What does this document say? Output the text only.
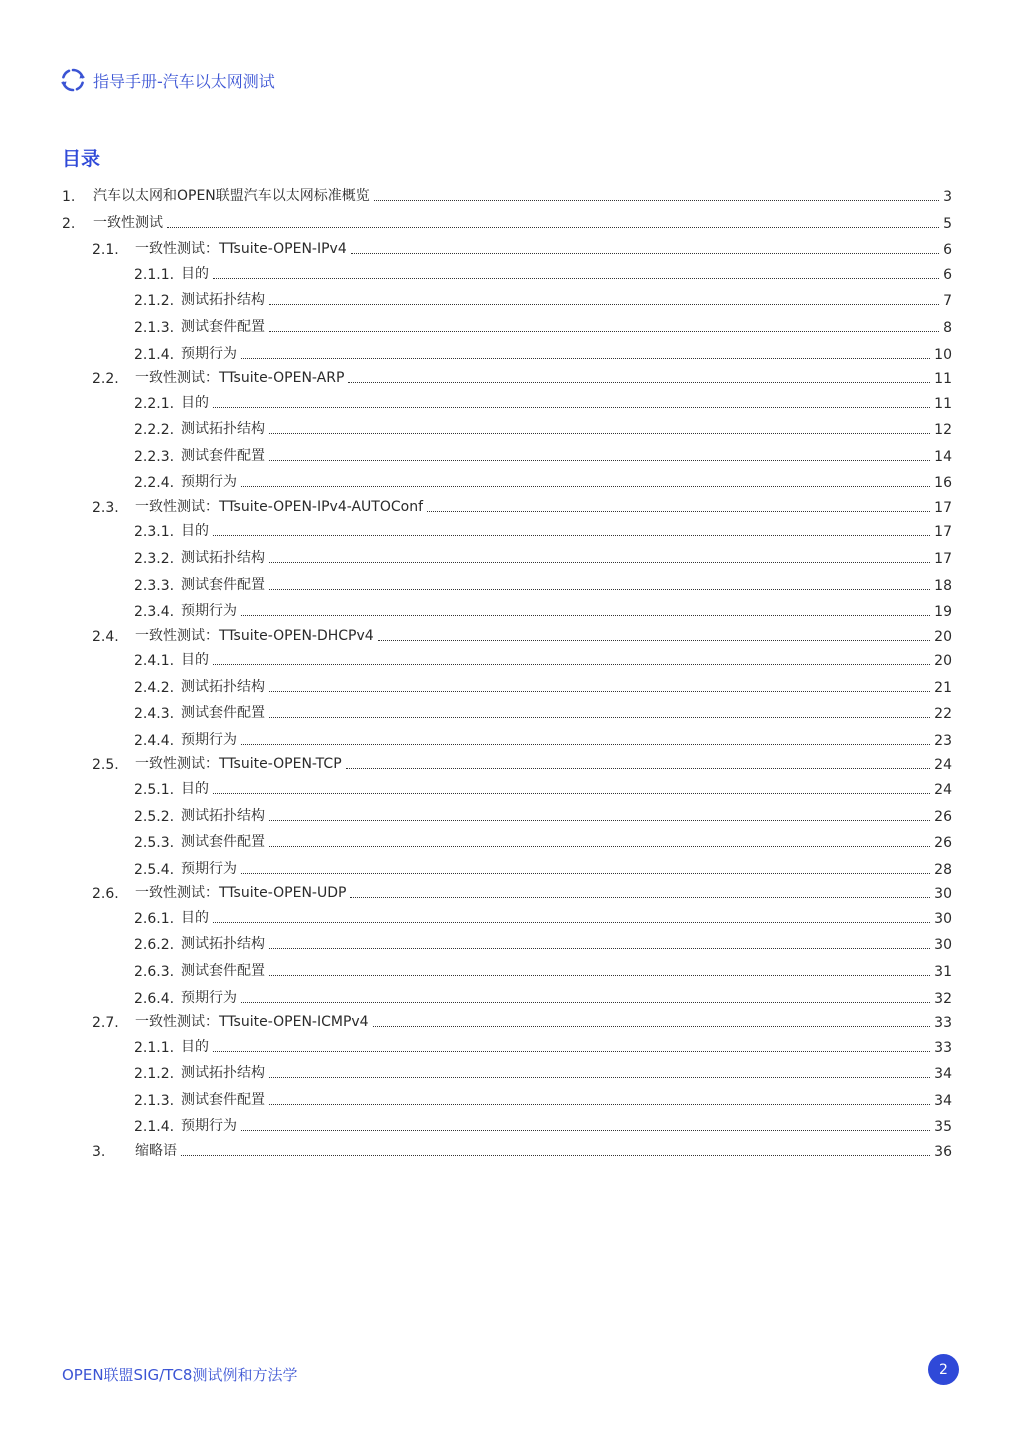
指导手册-汽车以太网测试
目录
1.	汽车以太网和OPEN联盟汽车以太网标准概览	3
2.	一致性测试	5
2.1.	一致性测试：TTsuite-OPEN-IPv4	6
2.1.1. 目的	6
2.1.2. 测试拓扑结构	7
2.1.3. 测试套件配置	8
2.1.4. 预期行为	10
2.2.	一致性测试：TTsuite-OPEN-ARP	11
2.2.1. 目的	11
2.2.2. 测试拓扑结构	12
2.2.3. 测试套件配置	14
2.2.4. 预期行为	16
2.3.	一致性测试：TTsuite-OPEN-IPv4-AUTOConf	17
2.3.1. 目的	17
2.3.2. 测试拓扑结构	17
2.3.3. 测试套件配置	18
2.3.4. 预期行为	19
2.4.	一致性测试：TTsuite-OPEN-DHCPv4	20
2.4.1. 目的	20
2.4.2. 测试拓扑结构	21
2.4.3. 测试套件配置	22
2.4.4. 预期行为	23
2.5.	一致性测试：TTsuite-OPEN-TCP	24
2.5.1. 目的	24
2.5.2. 测试拓扑结构	26
2.5.3. 测试套件配置	26
2.5.4. 预期行为	28
2.6.	一致性测试：TTsuite-OPEN-UDP	30
2.6.1. 目的	30
2.6.2. 测试拓扑结构	30
2.6.3. 测试套件配置	31
2.6.4. 预期行为	32
2.7.	一致性测试：TTsuite-OPEN-ICMPv4	33
2.1.1. 目的	33
2.1.2. 测试拓扑结构	34
2.1.3. 测试套件配置	34
2.1.4. 预期行为	35
3.	缩略语	36
OPEN联盟SIG/TC8测试例和方法学	2
